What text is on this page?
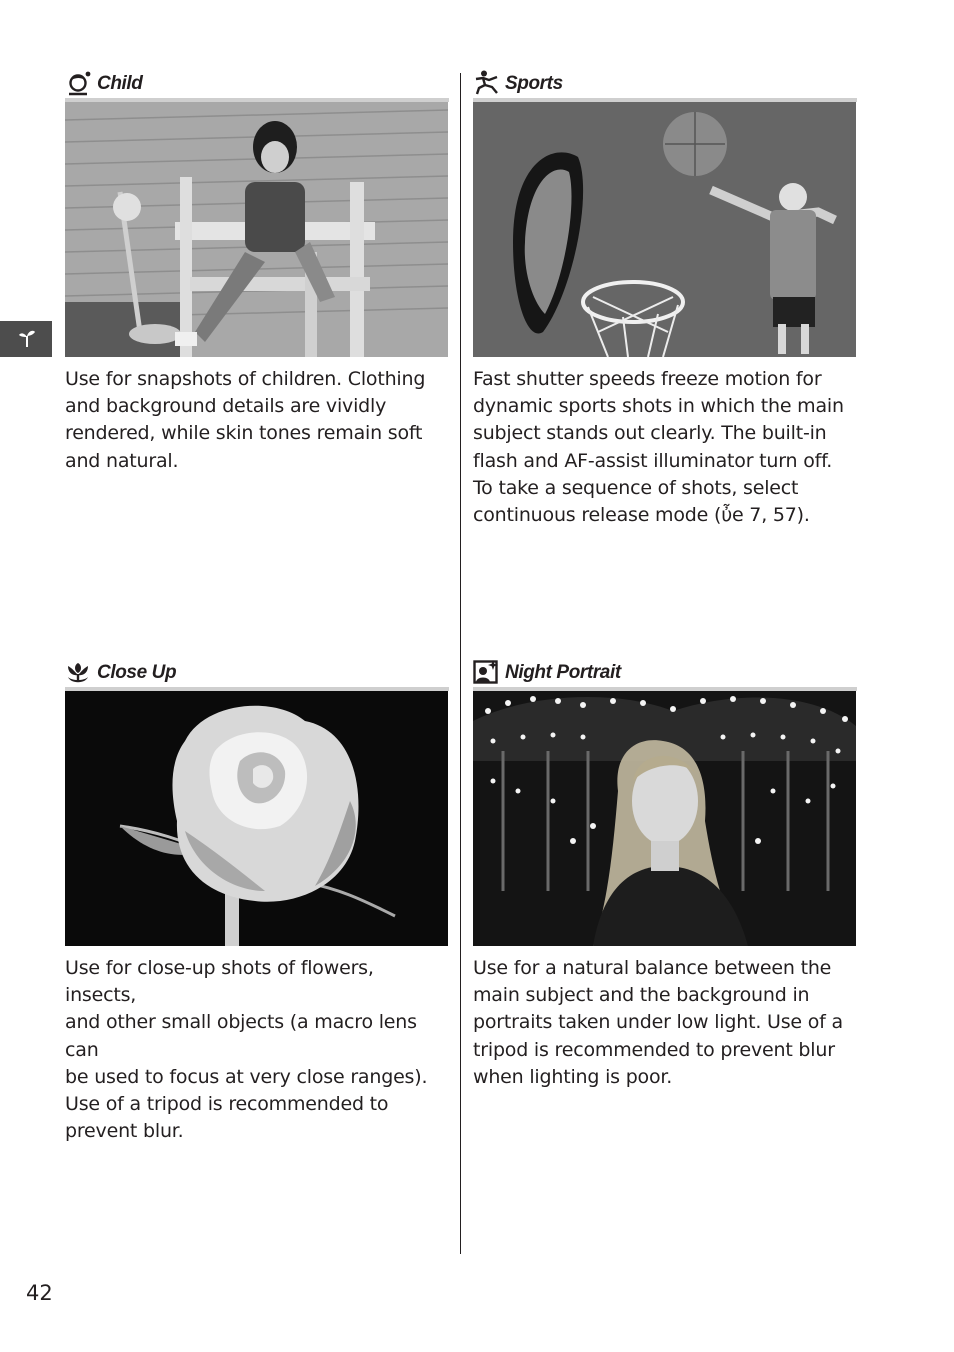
Child
Use for snapshots of children. Clothing
and background details are vividly
rendered, while skin tones remain soft
and natural.
Sports
Fast shutter speeds freeze motion for
dynamic sports shots in which the main
subject stands out clearly. The built-in
flash and AF-assist illuminator turn off.
To take a sequence of shots, select
continuous release mode (ὖe 7, 57).
Close Up
Use for close-up shots of flowers, insects,
and other small objects (a macro lens can
be used to focus at very close ranges).
Use of a tripod is recommended to
prevent blur.
Night Portrait
Use for a natural balance between the
main subject and the background in
portraits taken under low light. Use of a
tripod is recommended to prevent blur
when lighting is poor.
42
